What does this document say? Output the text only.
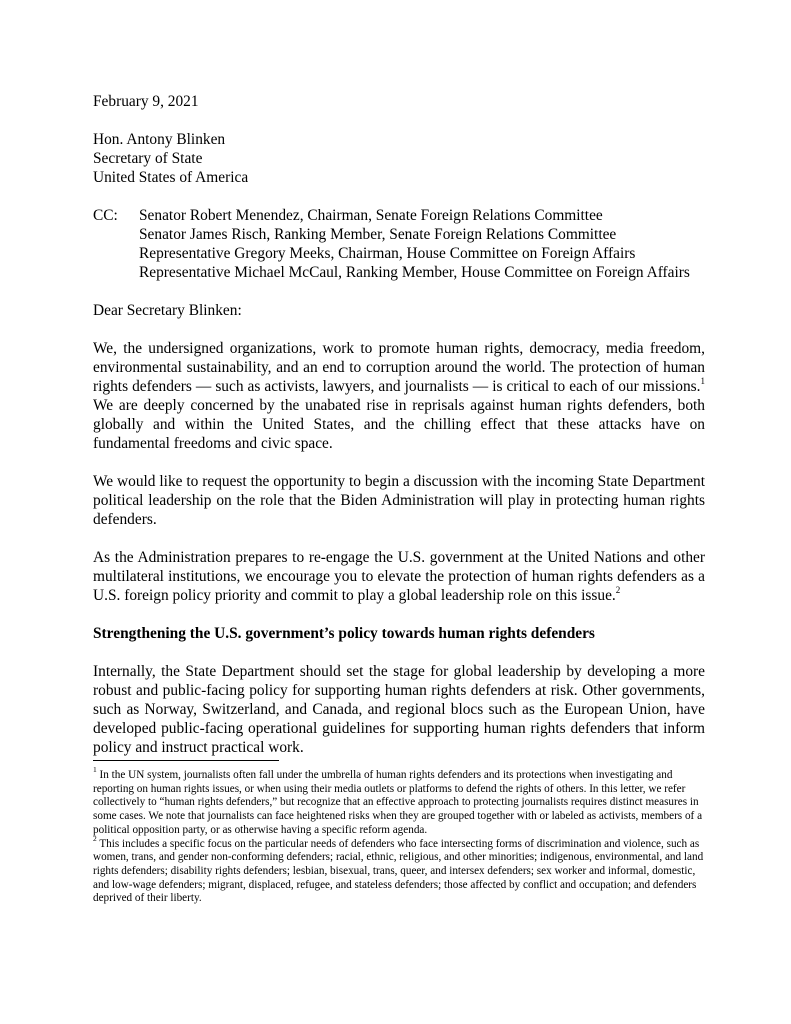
February 9, 2021

Hon. Antony Blinken

Secretary of State

United States of America

CC:	Senator Robert Menendez, Chairman, Senate Foreign Relations Committee
Senator James Risch, Ranking Member, Senate Foreign Relations Committee
Representative Gregory Meeks, Chairman, House Committee on Foreign Affairs
Representative Michael McCaul, Ranking Member, House Committee on Foreign Affairs

Dear Secretary Blinken:

We, the undersigned organizations, work to promote human rights, democracy, media freedom, environmental sustainability, and an end to corruption around the world. The protection of human rights defenders — such as activists, lawyers, and journalists — is critical to each of our missions.$^1$ We are deeply concerned by the unabated rise in reprisals against human rights defenders, both globally and within the United States, and the chilling effect that these attacks have on fundamental freedoms and civic space.

We would like to request the opportunity to begin a discussion with the incoming State Department political leadership on the role that the Biden Administration will play in protecting human rights defenders.

As the Administration prepares to re-engage the U.S. government at the United Nations and other multilateral institutions, we encourage you to elevate the protection of human rights defenders as a U.S. foreign policy priority and commit to play a global leadership role on this issue.$^2$

Strengthening the U.S. government’s policy towards human rights defenders

Internally, the State Department should set the stage for global leadership by developing a more robust and public-facing policy for supporting human rights defenders at risk. Other governments, such as Norway, Switzerland, and Canada, and regional blocs such as the European Union, have developed public-facing operational guidelines for supporting human rights defenders that inform policy and instruct practical work.

$^1$ In the UN system, journalists often fall under the umbrella of human rights defenders and its protections when investigating and reporting on human rights issues, or when using their media outlets or platforms to defend the rights of others. In this letter, we refer collectively to “human rights defenders,” but recognize that an effective approach to protecting journalists requires distinct measures in some cases. We note that journalists can face heightened risks when they are grouped together with or labeled as activists, members of a political opposition party, or as otherwise having a specific reform agenda.

$^2$ This includes a specific focus on the particular needs of defenders who face intersecting forms of discrimination and violence, such as women, trans, and gender non-conforming defenders; racial, ethnic, religious, and other minorities; indigenous, environmental, and land rights defenders; disability rights defenders; lesbian, bisexual, trans, queer, and intersex defenders; sex worker and informal, domestic, and low-wage defenders; migrant, displaced, refugee, and stateless defenders; those affected by conflict and occupation; and defenders deprived of their liberty.
